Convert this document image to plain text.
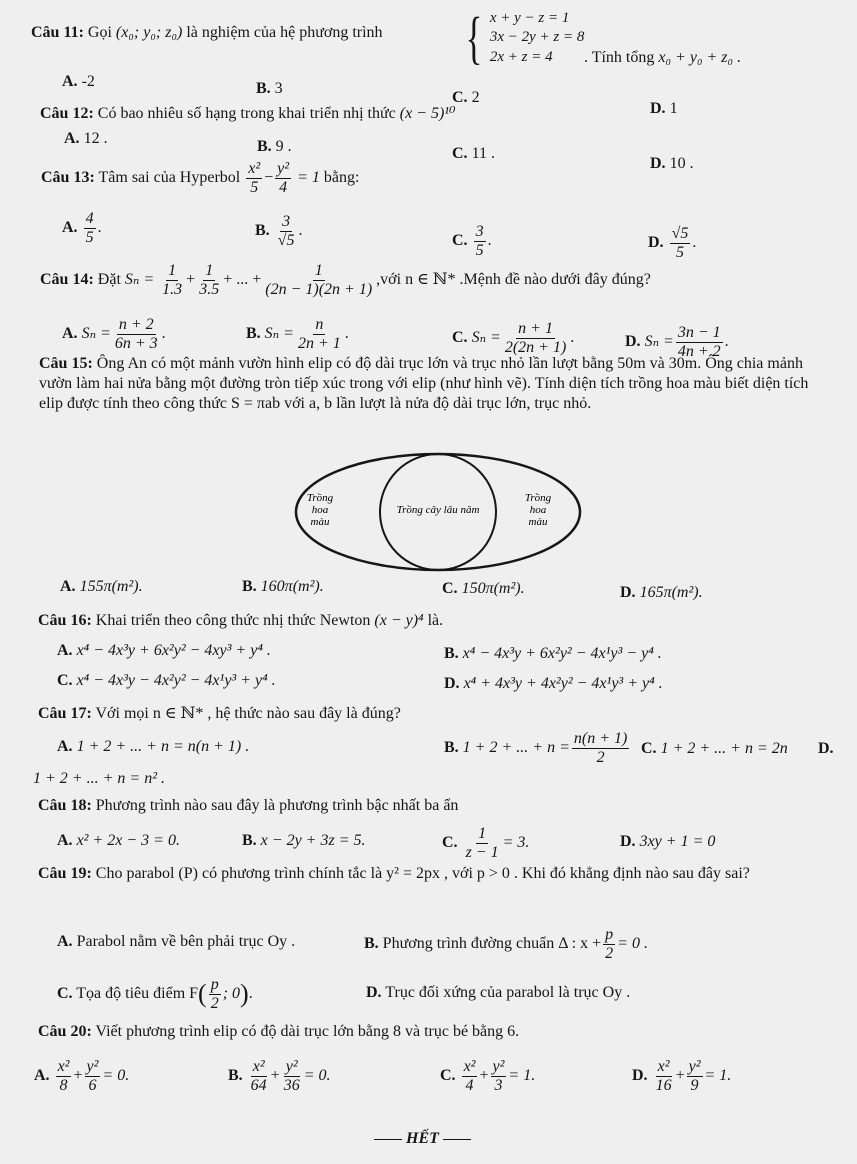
Câu 11: Gọi (x₀; y₀; z₀) là nghiệm của hệ phương trình { x + y − z = 1
3x − 2y + z = 8
2x + z = 4	. Tính tổng x₀ + y₀ + z₀ .
A. -2	B. 3
C. 2
D. 1
Câu 12: Có bao nhiêu số hạng trong khai triển nhị thức (x − 5)¹⁰
A. 12 .	B. 9 .	C. 11 .
D. 10 .
Câu 13: Tâm sai của Hyperbol $\frac{\text{x²}}{5} - \frac{\text{y²}}{4} = 1$ bằng:
A. $\frac{4}{5}$ .	B. $\frac{3}{√5}$ .
C. $\frac{3}{5}$ .	D. $\frac{√5}{5}$ .
Câu 14: Đặt $S_n = \frac{1}{1.3} + \frac{1}{3.5}$ + ... + $\frac{1}{(2n - 1)(2n + 1)}$ ,với n ∈ ℕ* .Mệnh đề nào dưới đây đúng?
A. $S_n = \frac{n + 2}{6n + 3}$ .	B. $S_n = \frac{n}{2n + 1}$ .	C. $S_n = \frac{n + 1}{2(2n + 1)}$ .	D. $S_n = \frac{3n - 1}{4n + 2}$ .
Câu 15: Ông An có một mảnh vườn hình elip có độ dài trục lớn và trục nhỏ lần lượt bằng 50m và 30m. Ông chia mảnh vườn làm hai nửa bằng một đường tròn tiếp xúc trong với elip (như hình vẽ). Tính diện tích trồng hoa màu biết diện tích elip được tính theo công thức S = πab với a, b lần lượt là nửa độ dài trục lớn, trục nhỏ.
Trồng
hoa
màu
Trồng cây lâu năm
Trồng
hoa
màu
A. 155π(m²).	B. 160π(m²).	C. 150π(m²).	D. 165π(m²).
Câu 16: Khai triển theo công thức nhị thức Newton (x − y)⁴ là.
A. x⁴ − 4x³y + 6x²y² − 4xy³ + y⁴ .	B. x⁴ − 4x³y + 6x²y² − 4x¹y³ − y⁴ .
C. x⁴ − 4x³y − 4x²y² − 4x¹y³ + y⁴ .	D. x⁴ + 4x³y + 4x²y² − 4x¹y³ + y⁴ .
Câu 17: Với mọi n ∈ ℕ* , hệ thức nào sau đây là đúng?
A. 1 + 2 + ... + n = n(n + 1) .	B. 1 + 2 + ... + $n = \frac{n(n + 1)}{2} C$. 1 + 2 + ... + n = 2n D.
1 + 2 + ... + n = n² .
Câu 18: Phương trình nào sau đây là phương trình bậc nhất ba ẩn
A. x² + 2x − 3 = 0.	B. x − 2y + 3z = 5.	C. $\frac{1}{z - 1} = 3$.	D. 3xy + 1 = 0
Câu 19: Cho parabol (P) có phương trình chính tắc là y² = 2px , với p > 0 . Khi đó khẳng định nào sau đây sai?
A. Parabol nằm về bên phải trục Oy .	B. Phương trình đường chuẩn Δ : $x + \frac{p}{2} = 0$ .
C. Tọa độ tiêu điểm $F( \frac{p}{2}$ ; 0).	D. Trục đối xứng của parabol là trục Oy .
Câu 20: Viết phương trình elip có độ dài trục lớn bằng 8 và trục bé bằng 6.
A. $\frac{\text{x²}}{8} + \frac{\text{y²}}{6} = 0$.	B. $\frac{\text{x²}}{64} + \frac{\text{y²}}{36} = 0$.	C. $\frac{\text{x²}}{4} + \frac{\text{y²}}{3} = 1$.	D. $\frac{\text{x²}}{16} + \frac{\text{y²}}{9} = 1$.
HẾT
